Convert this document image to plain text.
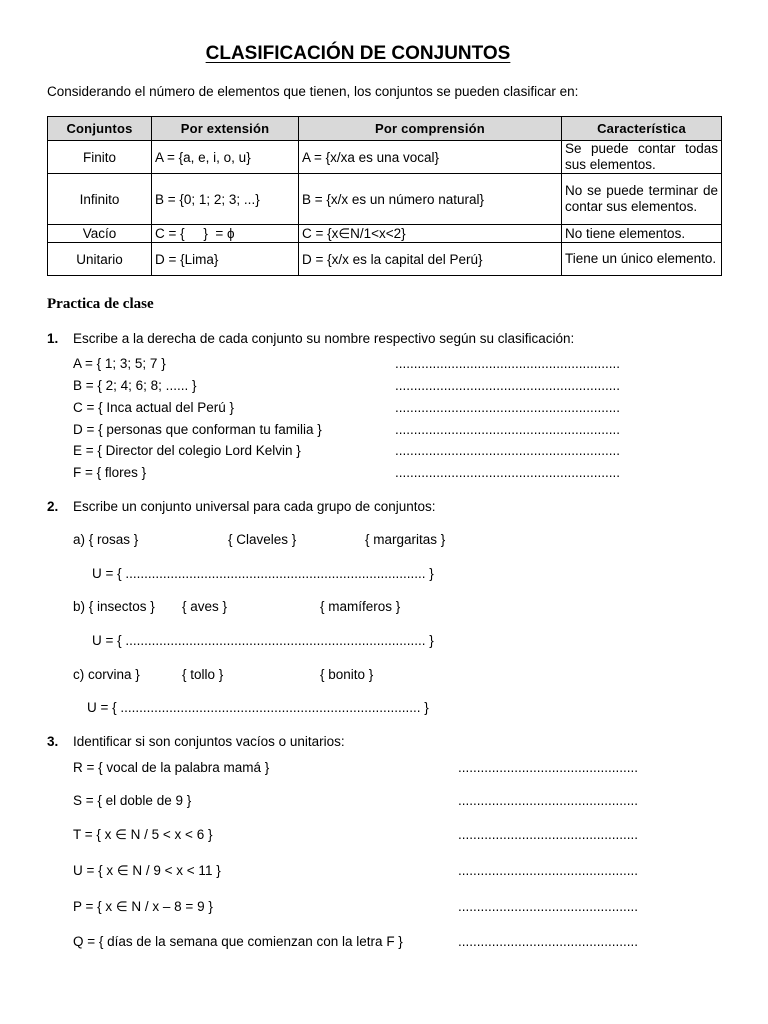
CLASIFICACIÓN DE CONJUNTOS
Considerando el número de elementos que tienen, los conjuntos se pueden clasificar en:
Conjuntos	Por extensión	Por comprensión	Característica
Finito	A = {a, e, i, o, u}	A = {x/xa es una vocal}	Se puede contar todas sus elementos.
Infinito	B = {0; 1; 2; 3; ...}	B = {x/x es un número natural}	No se puede terminar de contar sus elementos.
Vacío	C = {     }  = ϕ	C = {x∈N/1<x<2}	No tiene elementos.
Unitario	D = {Lima}	D = {x/x es la capital del Perú}	Tiene un único elemento.
Practica de clase
1. Escribe a la derecha de cada conjunto su nombre respectivo según su clasificación:
A = { 1; 3; 5; 7 }	............................................................
B = { 2; 4; 6; 8; ...... }	............................................................
C = { Inca actual del Perú }	............................................................
D = { personas que conforman tu familia }	............................................................
E = { Director del colegio Lord Kelvin }	............................................................
F = { flores }	............................................................
2. Escribe un conjunto universal para cada grupo de conjuntos:
a) { rosas }	{ Claveles }	{ margaritas }
U = { ................................................................................ }
b) { insectos } { aves }	{ mamíferos }
U = { ................................................................................ }
c) corvina }	{ tollo }	{ bonito }
U = { ................................................................................ }
3. Identificar si son conjuntos vacíos o unitarios:
R = { vocal de la palabra mamá }	................................................
S = { el doble de 9 }	................................................
T = { x ∈ N / 5 < x < 6 }	................................................
U = { x ∈ N / 9 < x < 11 }	................................................
P = { x ∈ N / x – 8 = 9 }	................................................
Q = { días de la semana que comienzan con la letra F }	................................................
